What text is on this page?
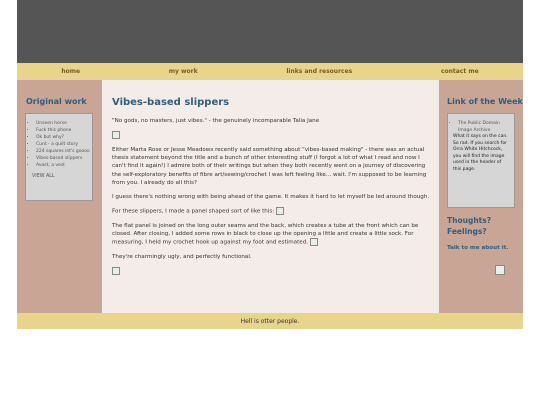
home	my work	links and resources	contact me
Original work
• Unseen horse
• Fuck this phone
• Ok but why?
• Cunt - a quilt story
• 224 squares let's goooo
• Vibes-based slippers
• Avast, a vest
VIEW ALL
Vibes-based slippers

"No gods, no masters, just vibes." - the genuinely incomparable Talia Jane

Either Marta Rose or Jesse Meadows recently said something about "vibes-based making" - there was an actual thesis statement beyond the title and a bunch of other interesting stuff (I forgot a lot of what I read and now I can't find it again!) I admire both of their writings but when they both recently went on a journey of discovering the self-exploratory benefits of fibre art/sewing/crochet I was left feeling like... wait. I'm supposed to be learning from you. I already do all this?

I guess there's nothing wrong with being ahead of the game. It makes it hard to let myself be led around though.

For these slippers, I made a panel shaped sort of like this:

The flat panel is joined on the long outer seams and the back, which creates a tube at the front which can be closed. After closing, I added some rows in black to close up the opening a little and create a little sock. For measuring, I held my crochet hook up against my foot and estimated.

They're charmingly ugly, and perfectly functional.

Link of the Week
• The Public Domain Image Archive
What it says on the can. So rad. If you search for Orra White Hitchcock, you will find the image used in the header of this page.
Thoughts? Feelings?
Talk to me about it.
Hell is otter people.
